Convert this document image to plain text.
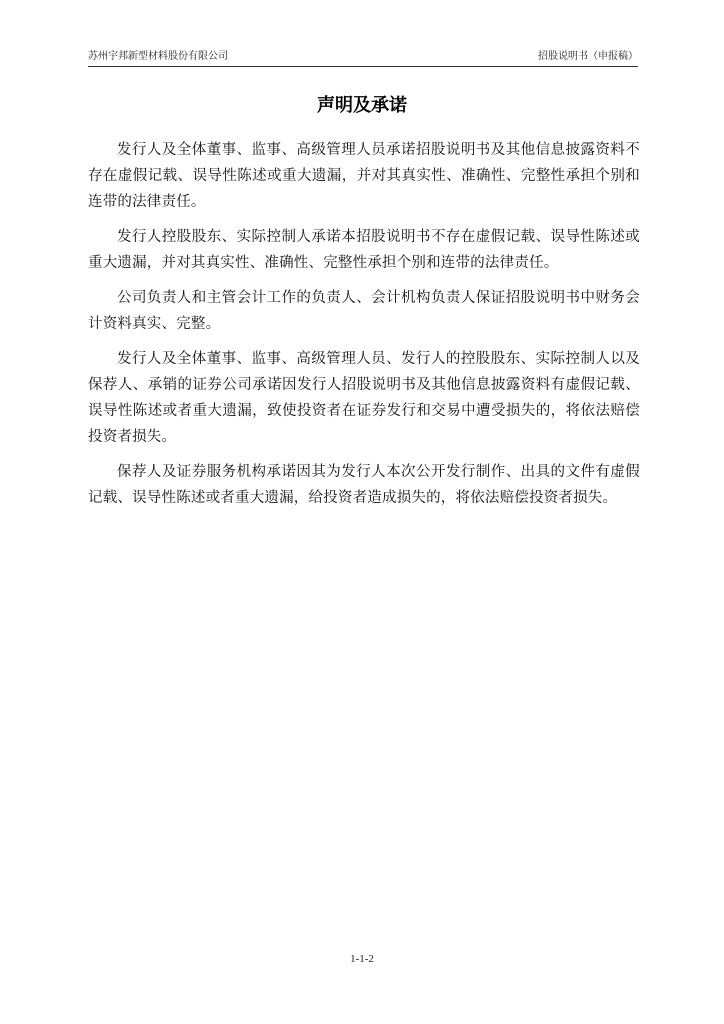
苏州宇邦新型材料股份有限公司	招股说明书（申报稿）
声明及承诺

发行人及全体董事、监事、高级管理人员承诺招股说明书及其他信息披露资料不存在虚假记载、误导性陈述或重大遗漏，并对其真实性、准确性、完整性承担个别和连带的法律责任。

发行人控股股东、实际控制人承诺本招股说明书不存在虚假记载、误导性陈述或重大遗漏，并对其真实性、准确性、完整性承担个别和连带的法律责任。

公司负责人和主管会计工作的负责人、会计机构负责人保证招股说明书中财务会计资料真实、完整。

发行人及全体董事、监事、高级管理人员、发行人的控股股东、实际控制人以及保荐人、承销的证券公司承诺因发行人招股说明书及其他信息披露资料有虚假记载、误导性陈述或者重大遗漏，致使投资者在证券发行和交易中遭受损失的，将依法赔偿投资者损失。

保荐人及证券服务机构承诺因其为发行人本次公开发行制作、出具的文件有虚假记载、误导性陈述或者重大遗漏，给投资者造成损失的，将依法赔偿投资者损失。

1-1-2
